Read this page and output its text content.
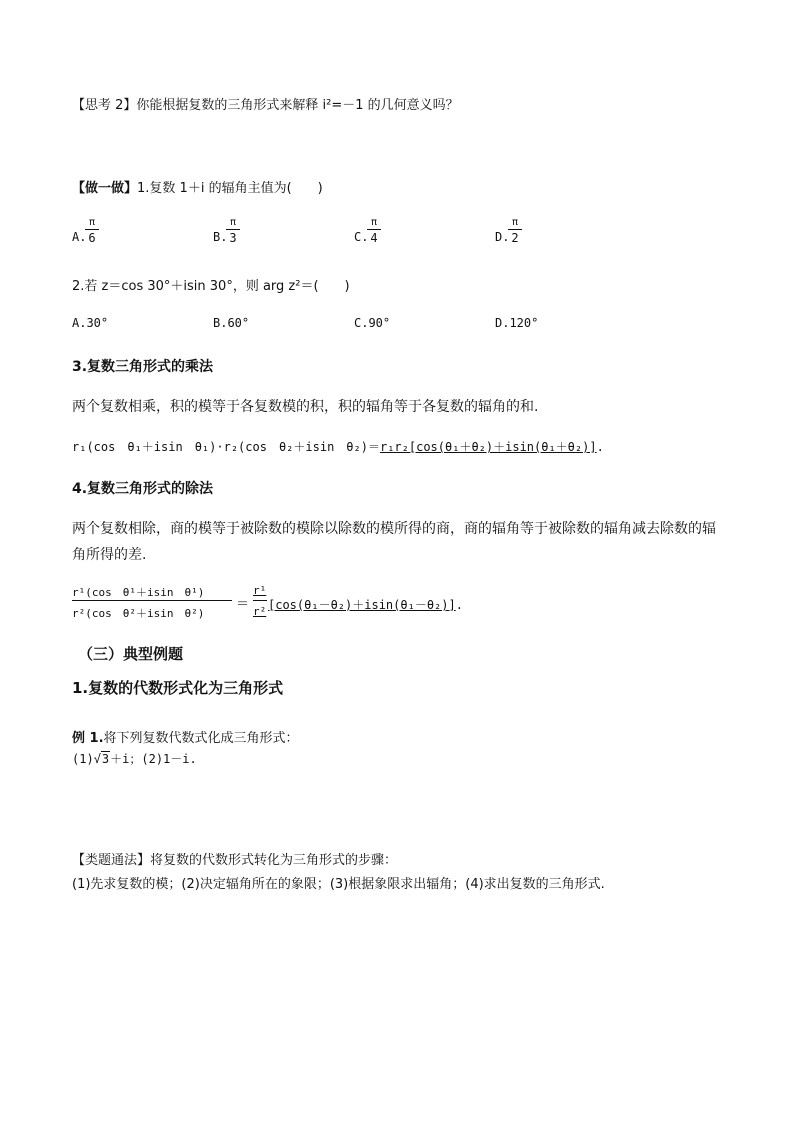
【思考 2】你能根据复数的三角形式来解释 i²=－1 的几何意义吗？
【做一做】1.复数 1＋i 的辐角主值为(　　)
A.
π
6	B.
π
3	C.
π
4	D.
π
2
2.若 z＝cos 30°＋isin 30°，则 arg z²＝(　　)
A.30°	B.60°	C.90°	D.120°
3.复数三角形式的乘法
两个复数相乘，积的模等于各复数模的积，积的辐角等于各复数的辐角的和.
r₁(cos　θ₁＋isin　θ₁)·r₂(cos　θ₂＋isin　θ₂)＝r₁r₂[cos(θ₁＋θ₂)＋isin(θ₁＋θ₂)].
4.复数三角形式的除法
两个复数相除，商的模等于被除数的模除以除数的模所得的商，商的辐角等于被除数的辐角减去除数的辐
角所得的差.
r¹(cos　θ¹＋isin　θ¹)
r²(cos　θ²＋isin　θ²)
＝
r¹
r² [cos(θ₁－θ₂)＋isin(θ₁－θ₂)].
（三）典型例题
1.复数的代数形式化为三角形式
例 1.将下列复数代数式化成三角形式：
(1)√3＋i；(2)1－i.
【类题通法】将复数的代数形式转化为三角形式的步骤：
(1)先求复数的模；(2)决定辐角所在的象限；(3)根据象限求出辐角；(4)求出复数的三角形式.
